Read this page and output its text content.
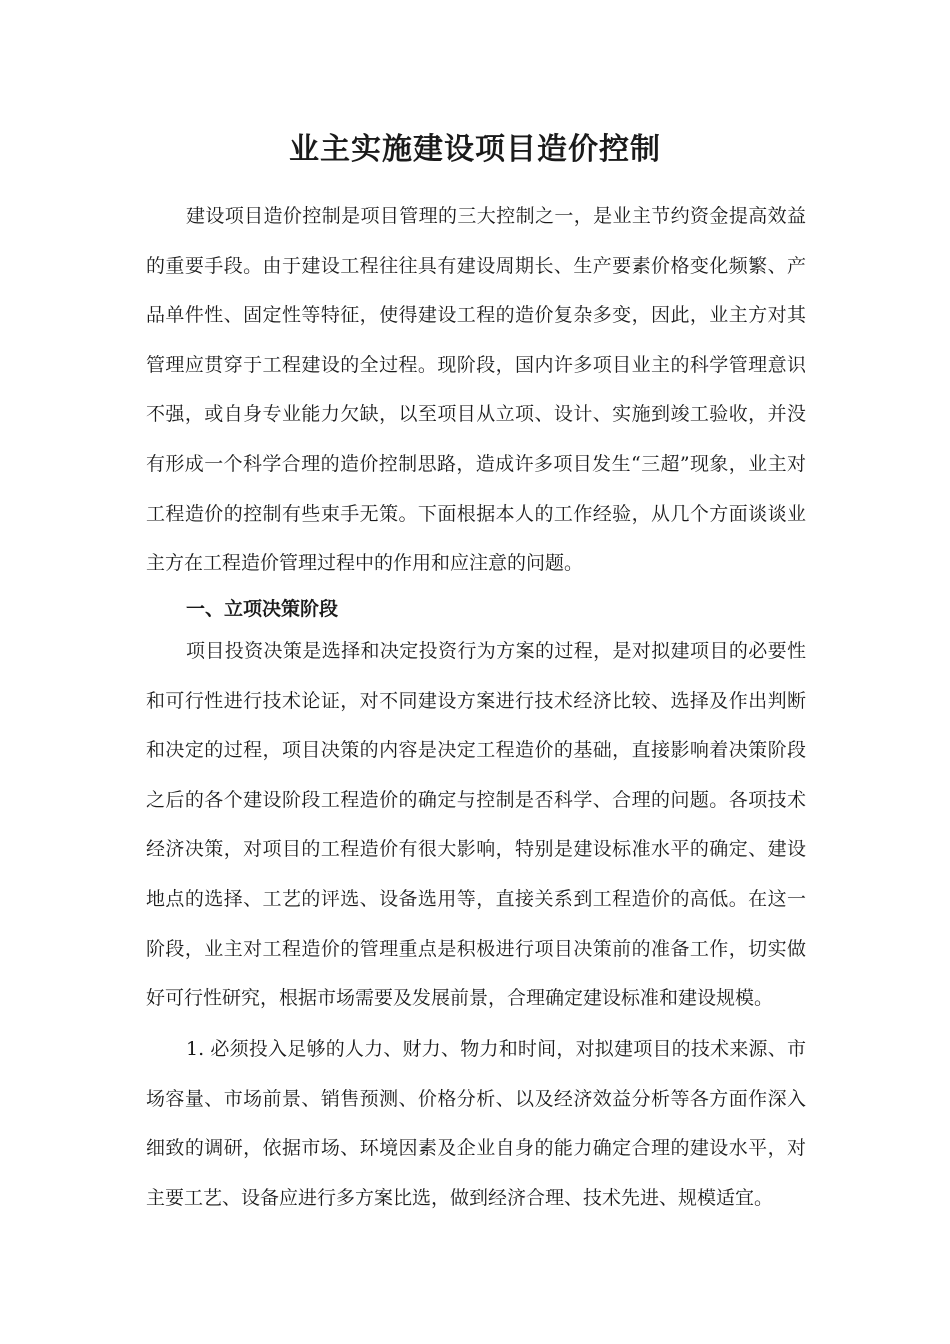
业主实施建设项目造价控制

建设项目造价控制是项目管理的三大控制之一，是业主节约资金提高效益的重要手段。由于建设工程往往具有建设周期长、生产要素价格变化频繁、产品单件性、固定性等特征，使得建设工程的造价复杂多变，因此，业主方对其管理应贯穿于工程建设的全过程。现阶段，国内许多项目业主的科学管理意识不强，或自身专业能力欠缺，以至项目从立项、设计、实施到竣工验收，并没有形成一个科学合理的造价控制思路，造成许多项目发生“三超”现象，业主对工程造价的控制有些束手无策。下面根据本人的工作经验，从几个方面谈谈业主方在工程造价管理过程中的作用和应注意的问题。

一、立项决策阶段

项目投资决策是选择和决定投资行为方案的过程，是对拟建项目的必要性和可行性进行技术论证，对不同建设方案进行技术经济比较、选择及作出判断和决定的过程，项目决策的内容是决定工程造价的基础，直接影响着决策阶段之后的各个建设阶段工程造价的确定与控制是否科学、合理的问题。各项技术经济决策，对项目的工程造价有很大影响，特别是建设标准水平的确定、建设地点的选择、工艺的评选、设备选用等，直接关系到工程造价的高低。在这一阶段，业主对工程造价的管理重点是积极进行项目决策前的准备工作，切实做好可行性研究，根据市场需要及发展前景，合理确定建设标准和建设规模。

1. 必须投入足够的人力、财力、物力和时间，对拟建项目的技术来源、市场容量、市场前景、销售预测、价格分析、以及经济效益分析等各方面作深入细致的调研，依据市场、环境因素及企业自身的能力确定合理的建设水平，对主要工艺、设备应进行多方案比选，做到经济合理、技术先进、规模适宜。
